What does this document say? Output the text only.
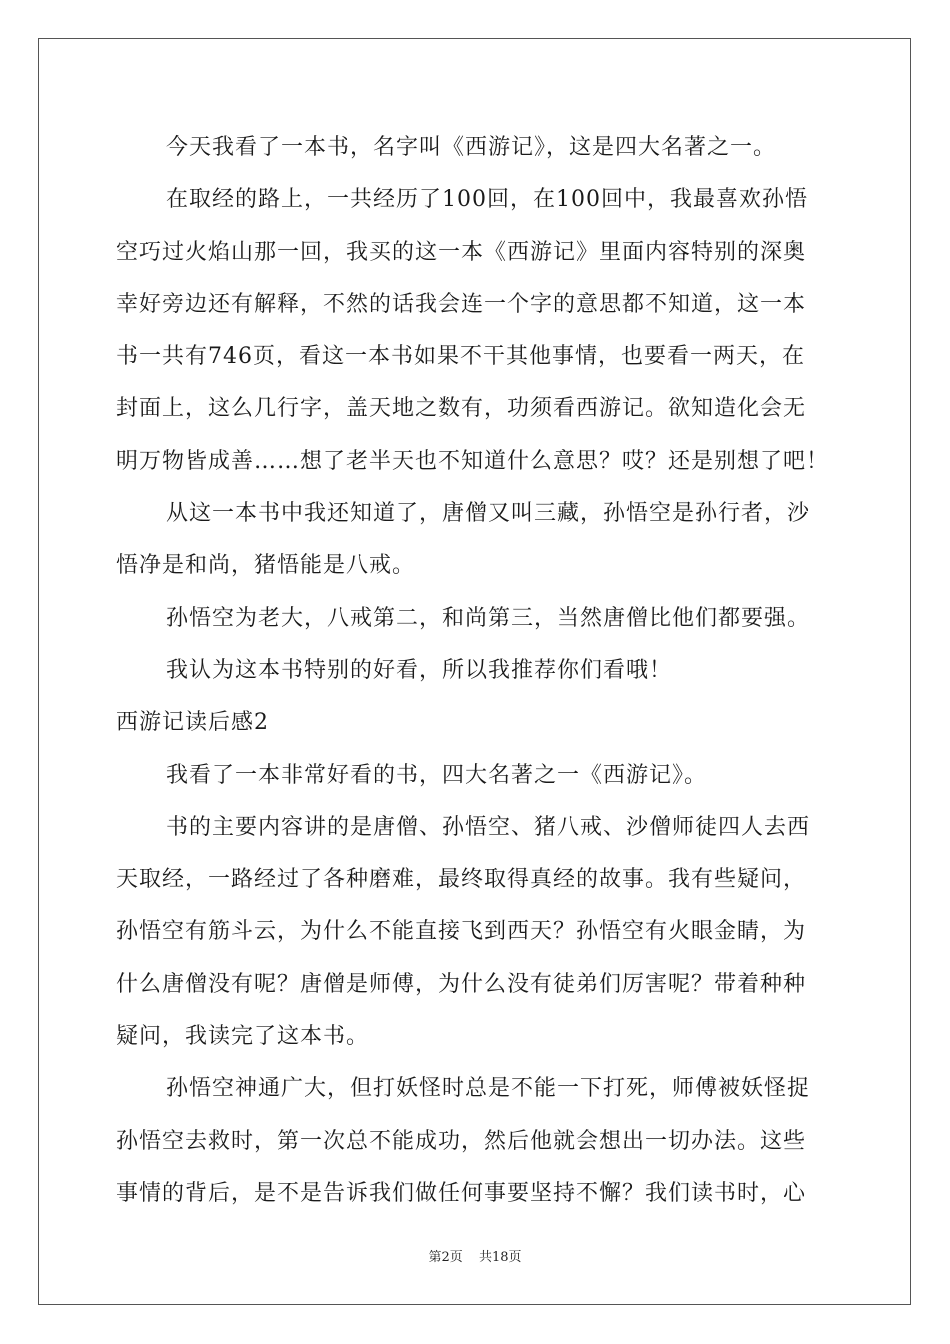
今天我看了一本书，名字叫《西游记》，这是四大名著之一。
在取经的路上，一共经历了100回，在100回中，我最喜欢孙悟
空巧过火焰山那一回，我买的这一本《西游记》里面内容特别的深奥
幸好旁边还有解释，不然的话我会连一个字的意思都不知道，这一本
书一共有746页，看这一本书如果不干其他事情，也要看一两天，在
封面上，这么几行字，盖天地之数有，功须看西游记。欲知造化会无
明万物皆成善……想了老半天也不知道什么意思？哎？还是别想了吧！
从这一本书中我还知道了，唐僧又叫三藏，孙悟空是孙行者，沙
悟净是和尚，猪悟能是八戒。
孙悟空为老大，八戒第二，和尚第三，当然唐僧比他们都要强。
我认为这本书特别的好看，所以我推荐你们看哦！
西游记读后感2
我看了一本非常好看的书，四大名著之一《西游记》。
书的主要内容讲的是唐僧、孙悟空、猪八戒、沙僧师徒四人去西
天取经，一路经过了各种磨难，最终取得真经的故事。我有些疑问，
孙悟空有筋斗云，为什么不能直接飞到西天？孙悟空有火眼金睛，为
什么唐僧没有呢？唐僧是师傅，为什么没有徒弟们厉害呢？带着种种
疑问，我读完了这本书。
孙悟空神通广大，但打妖怪时总是不能一下打死，师傅被妖怪捉
孙悟空去救时，第一次总不能成功，然后他就会想出一切办法。这些
事情的背后，是不是告诉我们做任何事要坚持不懈？我们读书时，心
第2页 共18页
